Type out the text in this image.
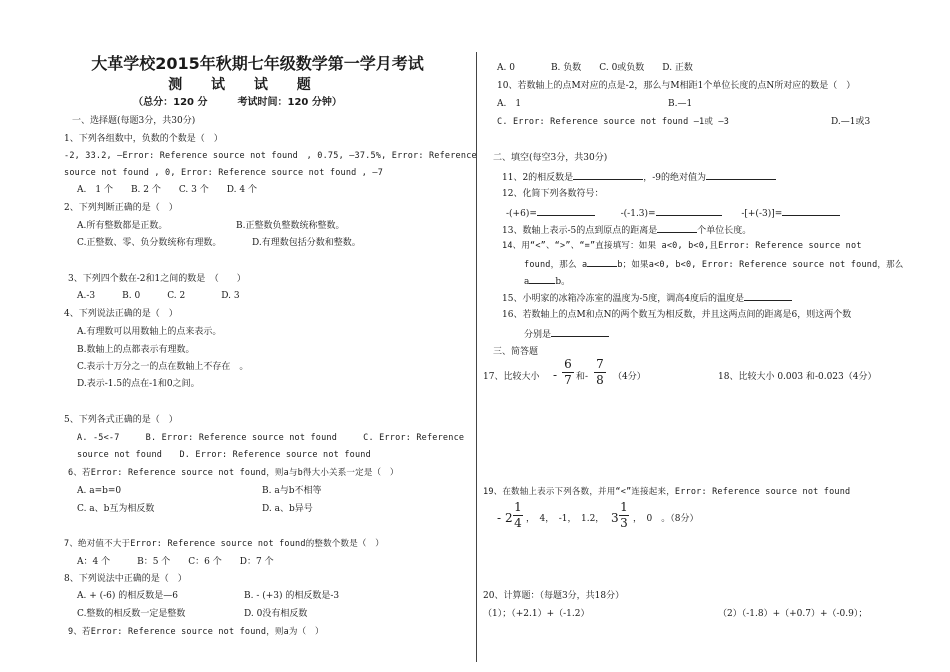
大革学校2015年秋期七年级数学第一学月考试
测 试 试 题
（总分：120 分　　　考试时间：120 分钟）
一、选择题(每题3分，共30分)
1、下列各组数中，负数的个数是（　）
-2, 33.2, —Error: Reference source not found　, 0.75, —37.5%, Error: Reference
source not found , 0, Error: Reference source not found , —7
A.　1 个　　B. 2 个　　C. 3 个　　D. 4 个
2、下列判断正确的是（　）
A.所有整数都是正数。	B.正整数负整数统称整数。
C.正整数、零、负分数统称有理数。	D.有理数包括分数和整数。
3、下列四个数在-2和1之间的数是　（　　）
A.-3　　　B. 0　　　C. 2　　　　D. 3
4、下列说法正确的是（　）
A.有理数可以用数轴上的点来表示。
B.数轴上的点都表示有理数。
C.表示十万分之一的点在数轴上不存在　。
D.表示-1.5的点在-1和0之间。
5、下列各式正确的是（　）
A. -5<-7　　　B. Error: Reference source not found　　　C. Error: Reference
source not found　　D. Error: Reference source not found
6、若Error: Reference source not found，则a与b得大小关系一定是（　）
A. a=b=0	B. a与b不相等
C. a、b互为相反数	D. a、b异号
7、绝对值不大于Error: Reference source not found的整数个数是（　）
A：4 个　　　B：5 个　　C：6 个　　D：7 个
8、下列说法中正确的是（　）
A. + (-6) 的相反数是—6	B. - (+3) 的相反数是-3
C.整数的相反数一定是整数	D. 0没有相反数
9、若Error: Reference source not found，则a为（　）
A. 0　　　　B. 负数　　C. 0或负数　　D. 正数
10、若数轴上的点M对应的点是-2，那么与M相距1个单位长度的点N所对应的数是（　）
A.　1	B.—1
C. Error: Reference source not found —1或 —3	D.—1或3
二、填空(每空3分，共30分)
11、2的相反数是	，-9的绝对值为
12、化简下列各数符号：
-(+6)=	-(-1.3)=	-[+(-3)]=
13、数轴上表示-5的点到原点的距离是	个单位长度。
14、用“<”、“>”、“=”直接填写：如果 a<0, b<0,且Error: Reference source not
found，那么 a	b；如果a<0, b<0, Error: Reference source not found，那么
a	b。
15、小明家的冰箱冷冻室的温度为-5度，调高4度后的温度是
16、若数轴上的点M和点N的两个数互为相反数，并且这两点间的距离是6，则这两个数
分别是
三、简答题
17、比较大小 -
6
7 和-
7
8 （4分）	18、比较大小 0.003 和-0.023（4分）
19、在数轴上表示下列各数，并用“<”连接起来，Error: Reference source not found
- 2
1
4 ，　4，　-1，　1.2， 3
1
3 ，　0　。（8分）
20、计算题：（每题3分，共18分）
（1）；（+2.1）+（-1.2）	（2）（-1.8）+（+0.7）+（-0.9）；
